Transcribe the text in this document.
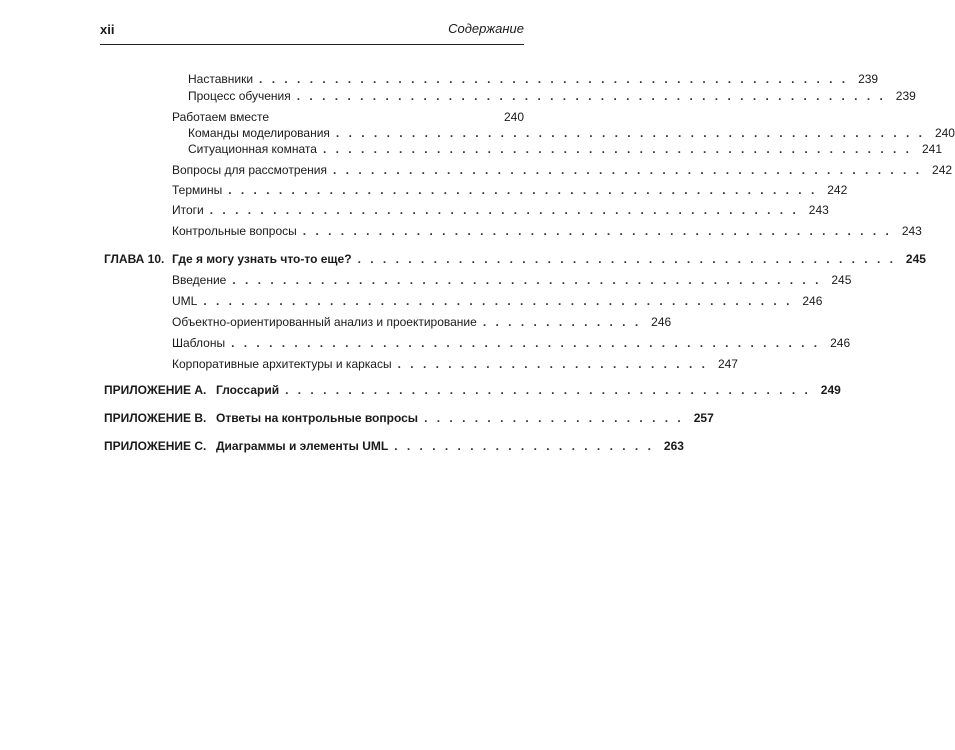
xii	Содержание
Наставники . . . . . . . . . . . . . . . . . . . . . . . . . . . . . . . . . . . . . . . . . . . . . . . 239
Процесс обучения . . . . . . . . . . . . . . . . . . . . . . . . . . . . . . . . . . . . . . . . . . . . . . . 239
Работаем вместе	240
Команды моделирования . . . . . . . . . . . . . . . . . . . . . . . . . . . . . . . . . . . . . . . . . . . . . . . 240
Ситуационная комната . . . . . . . . . . . . . . . . . . . . . . . . . . . . . . . . . . . . . . . . . . . . . . . 241
Вопросы для рассмотрения . . . . . . . . . . . . . . . . . . . . . . . . . . . . . . . . . . . . . . . . . . . . . . . 242
Термины . . . . . . . . . . . . . . . . . . . . . . . . . . . . . . . . . . . . . . . . . . . . . . . 242
Итоги . . . . . . . . . . . . . . . . . . . . . . . . . . . . . . . . . . . . . . . . . . . . . . . 243
Контрольные вопросы . . . . . . . . . . . . . . . . . . . . . . . . . . . . . . . . . . . . . . . . . . . . . . . 243
ГЛАВА 10. Где я могу узнать что-то еще? . . . . . . . . . . . . . . . . . . . . . . . . . . . . . . . . . . . . . . . . . . . 245
Введение . . . . . . . . . . . . . . . . . . . . . . . . . . . . . . . . . . . . . . . . . . . . . . . 245
UML . . . . . . . . . . . . . . . . . . . . . . . . . . . . . . . . . . . . . . . . . . . . . . . 246
Объектно-ориентированный анализ и проектирование . . . . . . . . . . . . . 246
Шаблоны . . . . . . . . . . . . . . . . . . . . . . . . . . . . . . . . . . . . . . . . . . . . . . . 246
Корпоративные архитектуры и каркасы . . . . . . . . . . . . . . . . . . . . . . . . . 247
ПРИЛОЖЕНИЕ А. Глоссарий . . . . . . . . . . . . . . . . . . . . . . . . . . . . . . . . . . . . . . . . . . 249
ПРИЛОЖЕНИЕ В. Ответы на контрольные вопросы . . . . . . . . . . . . . . . . . . . . . 257
ПРИЛОЖЕНИЕ С. Диаграммы и элементы UML . . . . . . . . . . . . . . . . . . . . . 263
